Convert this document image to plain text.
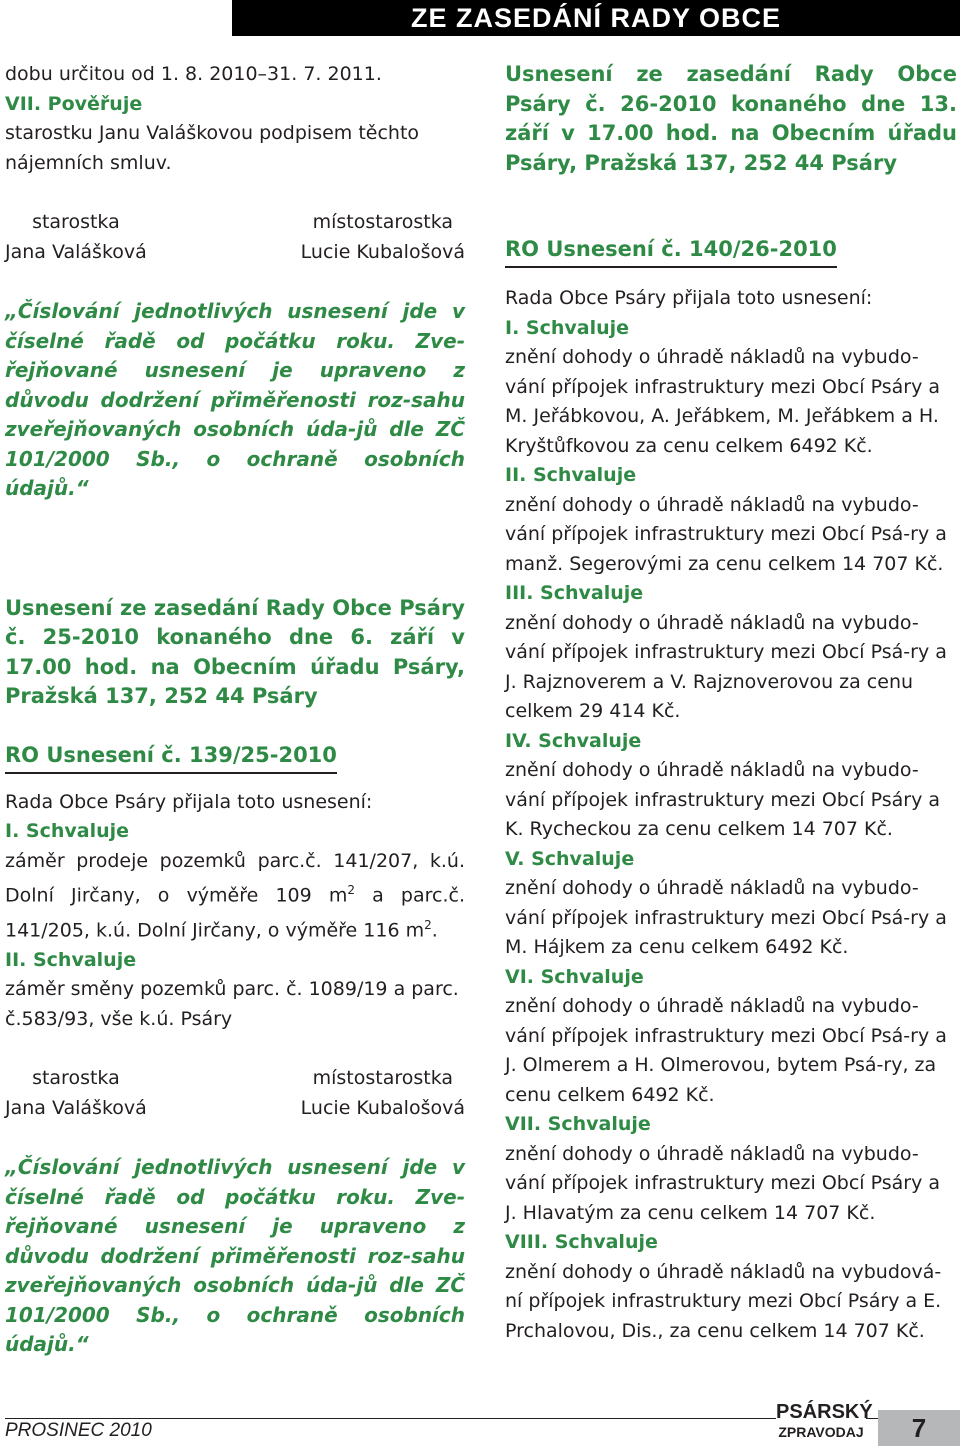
ZE ZASEDÁNÍ RADY OBCE

dobu určitou od 1. 8. 2010–31. 7. 2011.

VII. Pověřuje

starostku Janu Valáškovou podpisem těchto nájemních smluv.

starostka
Jana Valášková
místostarostka
Lucie Kubalošová

„Číslování jednotlivých usnesení jde v číselné řadě od počátku roku. Zve-řejňované usnesení je upraveno z důvodu dodržení přiměřenosti roz-sahu zveřejňovaných osobních úda-jů dle ZČ 101/2000 Sb., o ochraně osobních údajů.“

Usnesení ze zasedání Rady Obce Psáry č. 25-2010 konaného dne 6. září v 17.00 hod. na Obecním úřadu Psáry, Pražská 137, 252 44 Psáry

RO Usnesení č. 139/25-2010

Rada Obce Psáry přijala toto usnesení:

I. Schvaluje

záměr prodeje pozemků parc.č. 141/207, k.ú. Dolní Jirčany, o výměře 109 $m^2$ a parc.č. 141/205, k.ú. Dolní Jirčany, o výměře 116 $m^2$.

II. Schvaluje

záměr směny pozemků parc. č. 1089/19 a parc. č.583/93, vše k.ú. Psáry

starostka
Jana Valášková
místostarostka
Lucie Kubalošová

„Číslování jednotlivých usnesení jde v číselné řadě od počátku roku. Zve-řejňované usnesení je upraveno z důvodu dodržení přiměřenosti roz-sahu zveřejňovaných osobních úda-jů dle ZČ 101/2000 Sb., o ochraně osobních údajů.“

Usnesení ze zasedání Rady Obce Psáry č. 26-2010 konaného dne 13. září v 17.00 hod. na Obecním úřadu Psáry, Pražská 137, 252 44 Psáry

RO Usnesení č. 140/26-2010

Rada Obce Psáry přijala toto usnesení:

I. Schvaluje

znění dohody o úhradě nákladů na vybudo-vání přípojek infrastruktury mezi Obcí Psáry a M. Jeřábkovou, A. Jeřábkem, M. Jeřábkem a H. Kryštůfkovou za cenu celkem 6492 Kč.

II. Schvaluje

znění dohody o úhradě nákladů na vybudo-vání přípojek infrastruktury mezi Obcí Psá-ry a manž. Segerovými za cenu celkem 14 707 Kč.

III. Schvaluje

znění dohody o úhradě nákladů na vybudo-vání přípojek infrastruktury mezi Obcí Psá-ry a J. Rajznoverem a V. Rajznoverovou za cenu celkem 29 414 Kč.

IV. Schvaluje

znění dohody o úhradě nákladů na vybudo-vání přípojek infrastruktury mezi Obcí Psáry a K. Rycheckou za cenu celkem 14 707 Kč.

V. Schvaluje

znění dohody o úhradě nákladů na vybudo-vání přípojek infrastruktury mezi Obcí Psá-ry a M. Hájkem za cenu celkem 6492 Kč.

VI. Schvaluje

znění dohody o úhradě nákladů na vybudo-vání přípojek infrastruktury mezi Obcí Psá-ry a J. Olmerem a H. Olmerovou, bytem Psá-ry, za cenu celkem 6492 Kč.

VII. Schvaluje

znění dohody o úhradě nákladů na vybudo-vání přípojek infrastruktury mezi Obcí Psáry a J. Hlavatým za cenu celkem 14 707 Kč.

VIII. Schvaluje

znění dohody o úhradě nákladů na vybudová-ní přípojek infrastruktury mezi Obcí Psáry a E. Prchalovou, Dis., za cenu celkem 14 707 Kč.

PROSINEC 2010
PSÁRSKÝ
ZPRAVODAJ	7
